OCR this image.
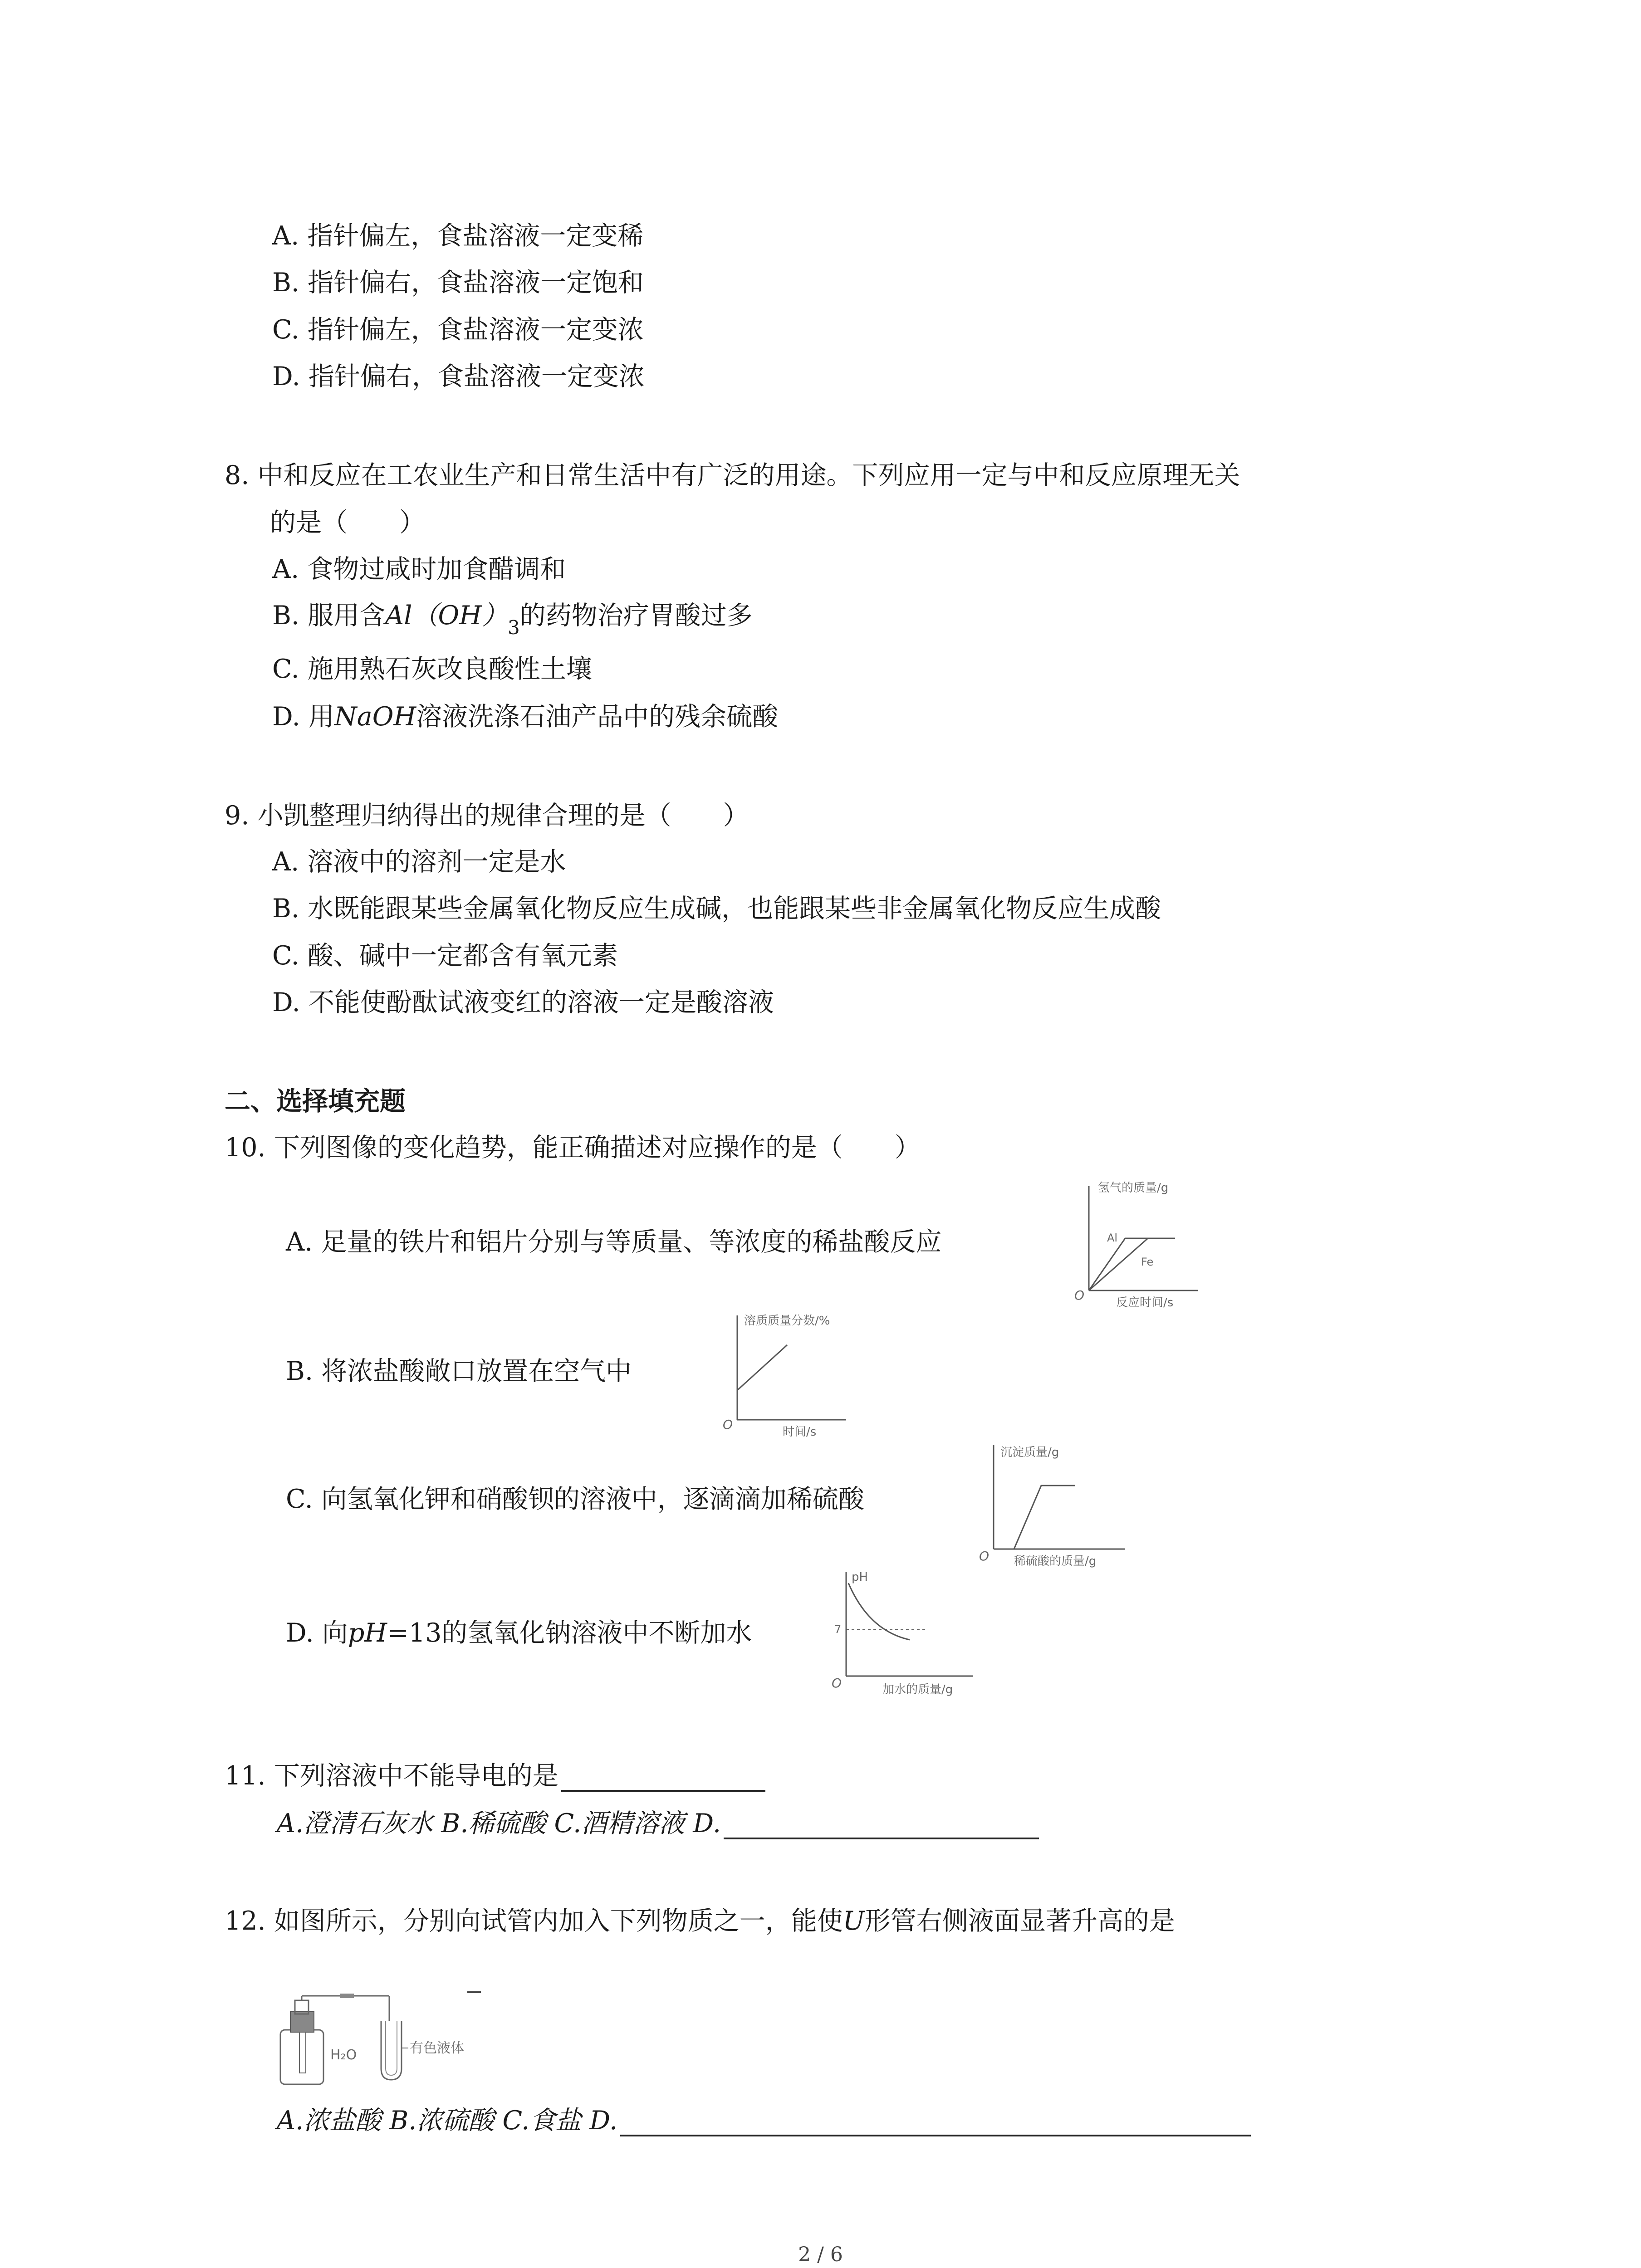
A. 指针偏左，食盐溶液一定变稀
B. 指针偏右，食盐溶液一定饱和
C. 指针偏左，食盐溶液一定变浓
D. 指针偏右，食盐溶液一定变浓
8. 中和反应在工农业生产和日常生活中有广泛的用途。下列应用一定与中和反应原理无关
的是（　　）
A. 食物过咸时加食醋调和
B. 服用含$Al(OH)_3$的药物治疗胃酸过多
C. 施用熟石灰改良酸性土壤
D. 用NaOH溶液洗涤石油产品中的残余硫酸
9. 小凯整理归纳得出的规律合理的是（　　）
A. 溶液中的溶剂一定是水
B. 水既能跟某些金属氧化物反应生成碱，也能跟某些非金属氧化物反应生成酸
C. 酸、碱中一定都含有氧元素
D. 不能使酚酞试液变红的溶液一定是酸溶液
二、选择填充题
10. 下列图像的变化趋势，能正确描述对应操作的是（　　）
A. 足量的铁片和铝片分别与等质量、等浓度的稀盐酸反应
B. 将浓盐酸敞口放置在空气中
C. 向氢氧化钾和硝酸钡的溶液中，逐滴滴加稀硫酸
D. 向pH=13的氢氧化钠溶液中不断加水
氢气的质量/g
Al
Fe
O	反应时间/s
溶质质量分数/%
O	时间/s
沉淀质量/g
O 稀硫酸的质量/g
pH
7
O	加水的质量/g
11. 下列溶液中不能导电的是
A.澄清石灰水 B.稀硫酸 C.酒精溶液 D.
12. 如图所示，分别向试管内加入下列物质之一，能使U形管右侧液面显著升高的是
H₂O	有色液体
A.浓盐酸 B.浓硫酸 C.食盐 D.
2 / 6
